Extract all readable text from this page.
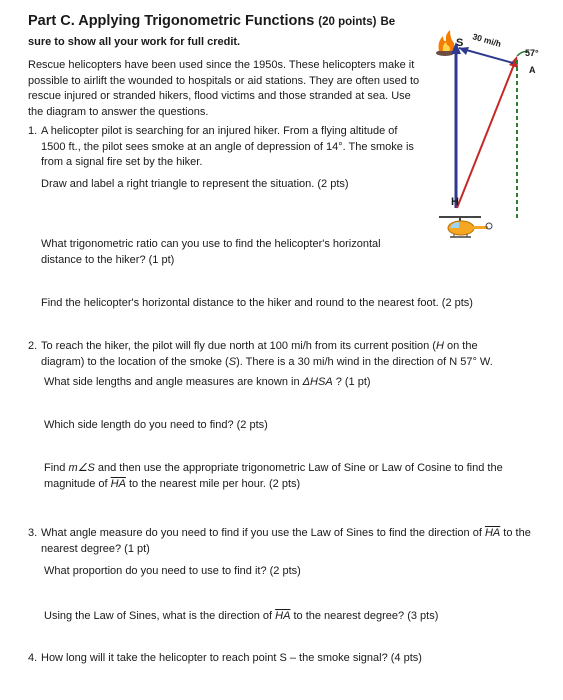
Part C. Applying Trigonometric Functions (20 points) Be
sure to show all your work for full credit.
Rescue helicopters have been used since the 1950s. These helicopters make it possible to airlift the wounded to hospitals or aid stations. They are often used to rescue injured or stranded hikers, flood victims and those stranded at sea. Use the diagram to answer the questions.
1. A helicopter pilot is searching for an injured hiker. From a flying altitude of 1500 ft., the pilot sees smoke at an angle of depression of 14°. The smoke is from a signal fire set by the hiker.
Draw and label a right triangle to represent the situation. (2 pts)
What trigonometric ratio can you use to find the helicopter's horizontal distance to the hiker? (1 pt)
Find the helicopter's horizontal distance to the hiker and round to the nearest foot. (2 pts)
2. To reach the hiker, the pilot will fly due north at 100 mi/h from its current position (H on the diagram) to the location of the smoke (S). There is a 30 mi/h wind in the direction of N 57° W.
What side lengths and angle measures are known in ΔHSA ? (1 pt)
Which side length do you need to find? (2 pts)
Find m∠S and then use the appropriate trigonometric Law of Sine or Law of Cosine to find the magnitude of $\overline{HA}$ to the nearest mile per hour. (2 pts)
3. What angle measure do you need to find if you use the Law of Sines to find the direction of $\overline{HA}$ to the nearest degree? (1 pt)
What proportion do you need to use to find it? (2 pts)
Using the Law of Sines, what is the direction of $\overline{HA}$ to the nearest degree? (3 pts)
4. How long will it take the helicopter to reach point S – the smoke signal? (4 pts)
S 30 mi/h
57°
A
H
